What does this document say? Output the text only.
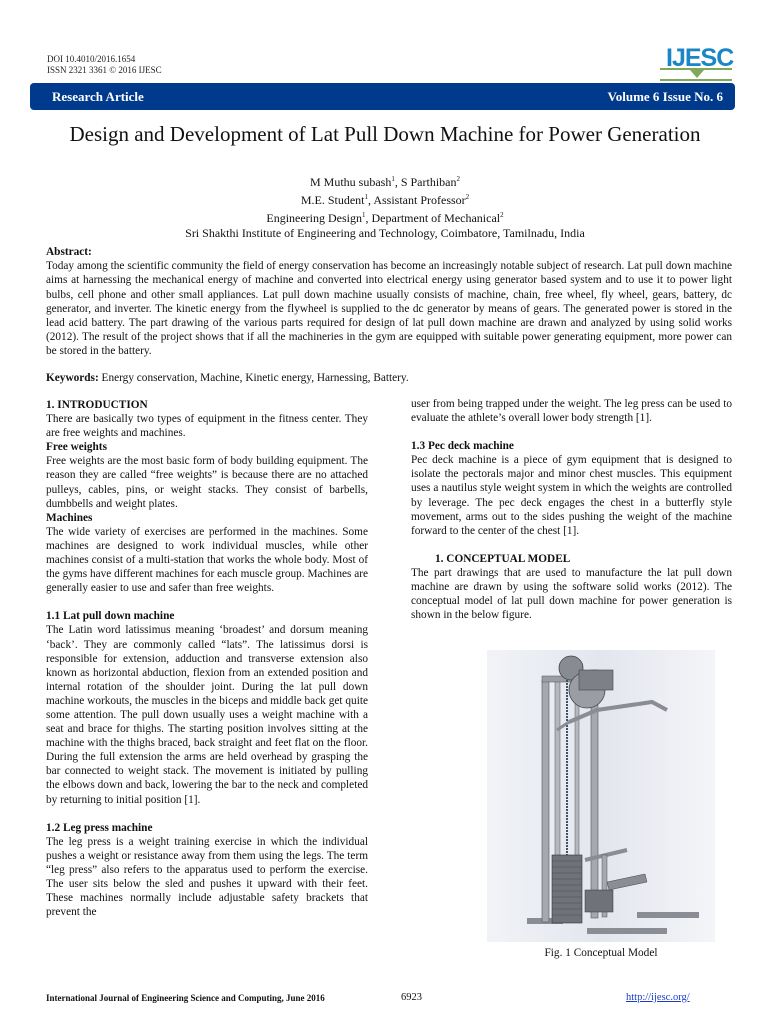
DOI 10.4010/2016.1654
ISSN 2321 3361 © 2016 IJESC	IJESC
Research Article	Volume 6 Issue No. 6
Design and Development of Lat Pull Down Machine for Power Generation
M Muthu subash$^1$, S Parthiban$^2$
M.E. Student$^1$, Assistant Professor$^2$
Engineering Design$^1$, Department of Mechanical$^2$
Sri Shakthi Institute of Engineering and Technology, Coimbatore, Tamilnadu, India
Abstract:
Today among the scientific community the field of energy conservation has become an increasingly notable subject of research. Lat pull down machine aims at harnessing the mechanical energy of machine and converted into electrical energy using generator based system and to use it to power light bulbs, cell phone and other small appliances. Lat pull down machine usually consists of machine, chain, free wheel, fly wheel, gears, battery, dc generator, and inverter. The kinetic energy from the flywheel is supplied to the dc generator by means of gears. The generated power is stored in the lead acid battery. The part drawing of the various parts required for design of lat pull down machine are drawn and analyzed by using solid works (2012). The result of the project shows that if all the machineries in the gym are equipped with suitable power generating equipment, more power can be stored in the battery.
Keywords: Energy conservation, Machine, Kinetic energy, Harnessing, Battery.

1. INTRODUCTION

There are basically two types of equipment in the fitness center. They are free weights and machines.

Free weights

Free weights are the most basic form of body building equipment. The reason they are called “free weights” is because there are no attached pulleys, cables, pins, or weight stacks. They consist of barbells, dumbbells and weight plates.

Machines

The wide variety of exercises are performed in the machines. Some machines are designed to work individual muscles, while other machines consist of a multi-station that works the whole body. Most of the gyms have different machines for each muscle group. Machines are generally easier to use and safer than free weights.

1.1 Lat pull down machine

The Latin word latissimus meaning ‘broadest’ and dorsum meaning ‘back’. They are commonly called “lats”. The latissimus dorsi is responsible for extension, adduction and transverse extension also known as horizontal abduction, flexion from an extended position and internal rotation of the shoulder joint. During the lat pull down machine workouts, the muscles in the biceps and middle back get quite some attention. The pull down usually uses a weight machine with a seat and brace for thighs. The starting position involves sitting at the machine with the thighs braced, back straight and feet flat on the floor. During the full extension the arms are held overhead by grasping the bar connected to weight stack. The movement is initiated by pulling the elbows down and back, lowering the bar to the neck and completed by returning to initial position [1].

1.2 Leg press machine

The leg press is a weight training exercise in which the individual pushes a weight or resistance away from them using the legs. The term “leg press” also refers to the apparatus used to perform the exercise. The user sits below the sled and pushes it upward with their feet. These machines normally include adjustable safety brackets that prevent the

user from being trapped under the weight. The leg press can be used to evaluate the athlete’s overall lower body strength [1].

1.3 Pec deck machine

Pec deck machine is a piece of gym equipment that is designed to isolate the pectorals major and minor chest muscles. This equipment uses a nautilus style weight system in which the weights are controlled by leverage. The pec deck engages the chest in a butterfly style movement, arms out to the sides pushing the weight of the machine forward to the center of the chest [1].

1. CONCEPTUAL MODEL

The part drawings that are used to manufacture the lat pull down machine are drawn by using the software solid works (2012). The conceptual model of lat pull down machine for power generation is shown in the below figure.

Fig. 1 Conceptual Model
International Journal of Engineering Science and Computing, June 2016	6923	http://ijesc.org/
